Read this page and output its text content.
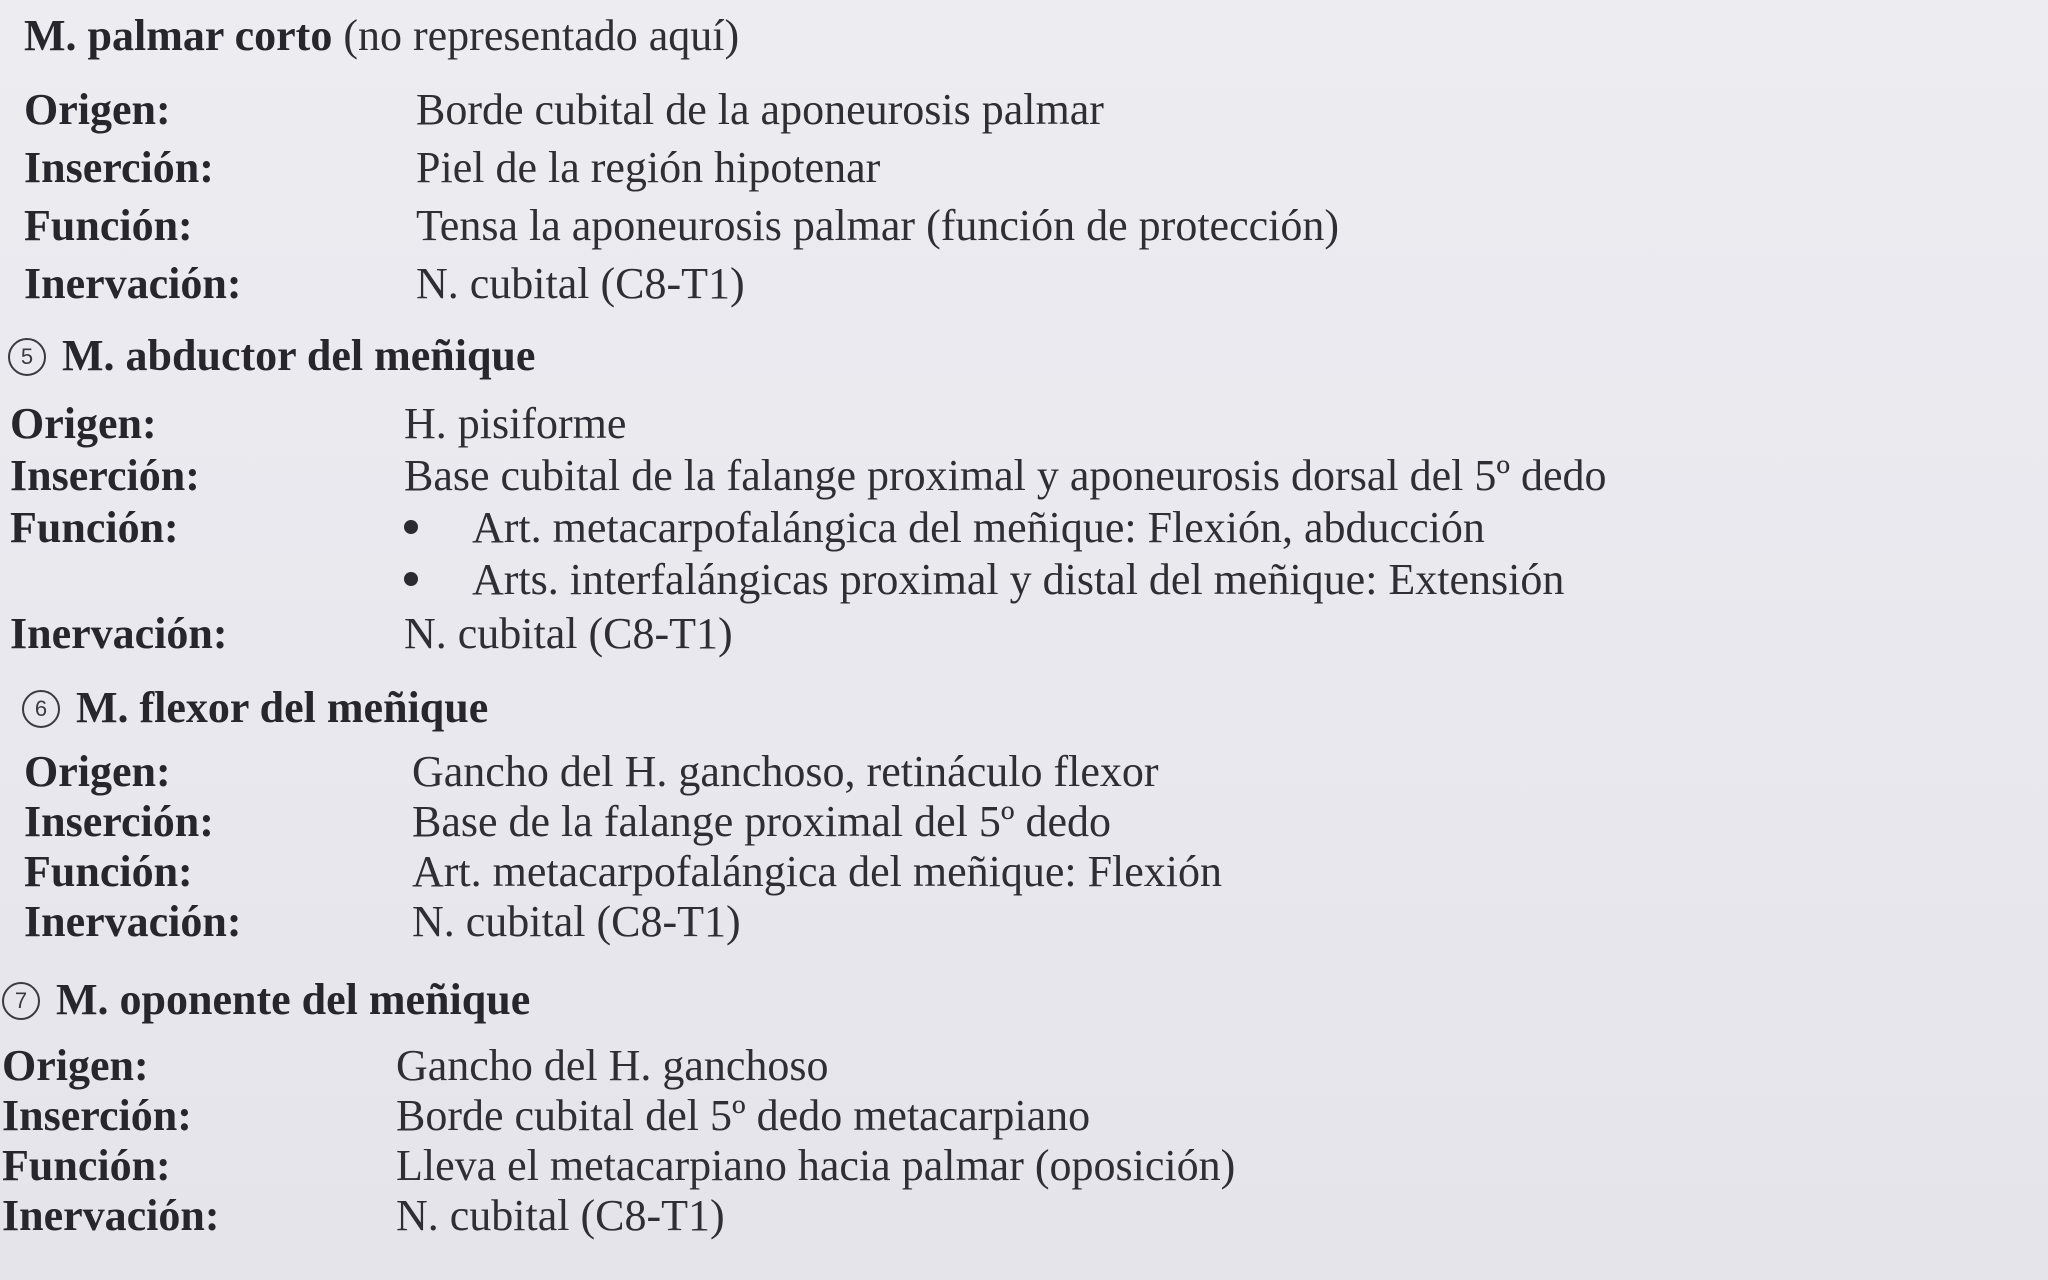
M. palmar corto (no representado aquí)
Origen:	Borde cubital de la aponeurosis palmar
Inserción:	Piel de la región hipotenar
Función:	Tensa la aponeurosis palmar (función de protección)
Inervación:	N. cubital (C8-T1)
5 M. abductor del meñique
Origen:	H. pisiforme
Inserción:	Base cubital de la falange proximal y aponeurosis dorsal del 5º dedo
Función:	Art. metacarpofalángica del meñique: Flexión, abducción
Arts. interfalángicas proximal y distal del meñique: Extensión
Inervación:	N. cubital (C8-T1)
6 M. flexor del meñique
Origen:	Gancho del H. ganchoso, retináculo flexor
Inserción:	Base de la falange proximal del 5º dedo
Función:	Art. metacarpofalángica del meñique: Flexión
Inervación:	N. cubital (C8-T1)
7 M. oponente del meñique
Origen:	Gancho del H. ganchoso
Inserción:	Borde cubital del 5º dedo metacarpiano
Función:	Lleva el metacarpiano hacia palmar (oposición)
Inervación:	N. cubital (C8-T1)
